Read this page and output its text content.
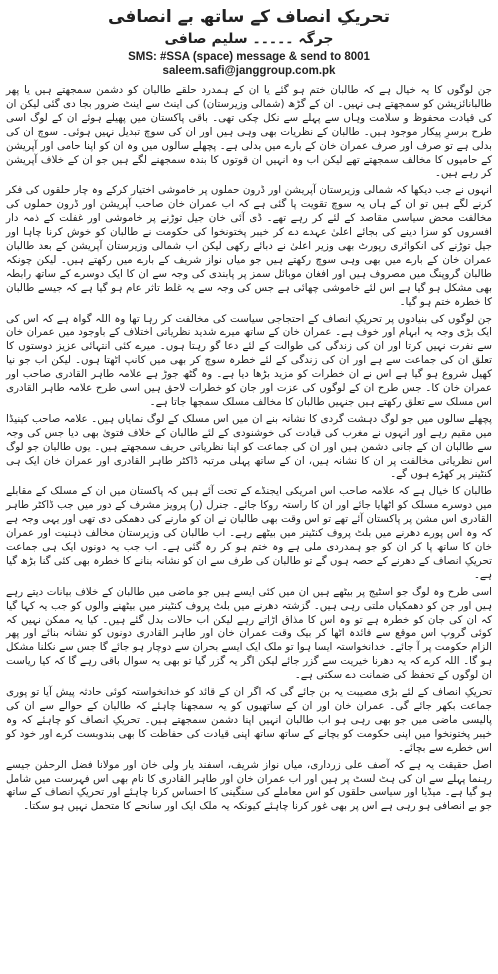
تحریکِ انصاف کے ساتھ بے انصافی
جرگہ ۔۔۔۔۔ سلیم صافی
SMS: #SSA (space) message & send to 8001
saleem.safi@janggroup.com.pk

جن لوگوں کا یہ خیال ہے کہ طالبان ختم ہو گئے یا ان کے ہمدرد حلقے طالبان کو دشمن سمجھتے ہیں یا پھر طالبانائزیشن کو سمجھتے ہی نہیں۔ ان کے گڑھ (شمالی وزیرستان) کی اینٹ سے اینٹ ضرور بجا دی گئی لیکن ان کی قیادت محفوظ و سلامت وہاں سے پہلے سے نکل چکی تھی۔ باقی پاکستان میں پھیلے ہوئے ان کے لوگ اسی طرح برسرِ پیکار موجود ہیں۔ طالبان کے نظریات بھی وہی ہیں اور ان کی سوچ تبدیل نہیں ہوئی۔ سوچ ان کی بدلی ہے تو صرف اور صرف عمران خان کے بارے میں بدلی ہے۔ پچھلے سالوں میں وہ ان کو اپنا حامی اور آپریشن کے حامیوں کا مخالف سمجھتے تھے لیکن اب وہ انہیں ان قوتوں کا بندہ سمجھنے لگے ہیں جو ان کے خلاف آپریشن کر رہے ہیں۔

انہوں نے جب دیکھا کہ شمالی وزیرستان آپریشن اور ڈرون حملوں پر خاموشی اختیار کرکے وہ چار حلقوں کی فکر کرنے لگے ہیں تو ان کے ہاں یہ سوچ تقویت پا گئی ہے کہ اب عمران خان صاحب آپریشن اور ڈرون حملوں کی مخالفت محض سیاسی مقاصد کے لئے کر رہے تھے۔ ڈی آئی خان جیل توڑنے پر خاموشی اور غفلت کے ذمہ دار افسروں کو سزا دینے کی بجائے اعلیٰ عہدے دے کر خیبر پختونخوا کی حکومت نے طالبان کو خوش کرنا چاہا اور جیل توڑنے کی انکوائری رپورٹ بھی وزیر اعلیٰ نے دبائے رکھی لیکن اب شمالی وزیرستان آپریشن کے بعد طالبان عمران خان کے بارے میں بھی وہی سوچ رکھتے ہیں جو میاں نواز شریف کے بارے میں رکھتے ہیں۔ لیکن چونکہ طالبان گروپنگ میں مصروف ہیں اور افغان موبائل سمز پر پابندی کی وجہ سے ان کا ایک دوسرے کے ساتھ رابطہ بھی مشکل ہو گیا ہے اس لئے خاموشی چھائی ہے جس کی وجہ سے یہ غلط تاثر عام ہو گیا ہے کہ جیسے طالبان کا خطرہ ختم ہو گیا۔

جن لوگوں کی بنیادوں پر تحریکِ انصاف کے احتجاجی سیاست کی مخالفت کر رہا تھا وہ اللہ گواہ ہے کہ اس کی ایک بڑی وجہ یہ ابہام اور خوف ہے۔ عمران خان کے ساتھ میرے شدید نظریاتی اختلاف کے باوجود میں عمران خان سے نفرت نہیں کرتا اور ان کی زندگی کی طوالت کے لئے دعا گو رہتا ہوں۔ میرے کئی انتہائی عزیز دوستوں کا تعلق ان کی جماعت سے ہے اور ان کی زندگی کے لئے خطرہ سوچ کر بھی میں کانپ اٹھتا ہوں۔ لیکن اب جو نیا کھیل شروع ہو گیا ہے اس نے ان خطرات کو مزید بڑھا دیا ہے۔ وہ گٹھ جوڑ ہے علامہ طاہر القادری صاحب اور عمران خان کا۔ جس طرح ان کے لوگوں کی عزت اور جان کو خطرات لاحق ہیں اسی طرح علامہ طاہر القادری اس مسلک سے تعلق رکھتے ہیں جنہیں طالبان کا مخالف مسلک سمجھا جاتا ہے۔

پچھلے سالوں میں جو لوگ دہشت گردی کا نشانہ بنے ان میں اس مسلک کے لوگ نمایاں ہیں۔ علامہ صاحب کینیڈا میں مقیم رہے اور انہوں نے مغرب کی قیادت کی خوشنودی کے لئے طالبان کے خلاف فتویٰ بھی دیا جس کی وجہ سے طالبان ان کے جانی دشمن ہیں اور ان کی جماعت کو اپنا نظریاتی حریف سمجھتے ہیں۔ یوں طالبان جو لوگ اس نظریاتی مخالفت پر ان کا نشانہ ہیں، ان کے ساتھ پہلی مرتبہ ڈاکٹر طاہر القادری اور عمران خان ایک ہی کنٹینر پر کھڑے ہوں گے۔

طالبان کا خیال ہے کہ علامہ صاحب اس امریکی ایجنڈے کے تحت آئے ہیں کہ پاکستان میں ان کے مسلک کے مقابلے میں دوسرے مسلک کو اٹھایا جائے اور ان کا راستہ روکا جائے۔ جنرل (ر) پرویز مشرف کے دور میں جب ڈاکٹر طاہر القادری اس مشن پر پاکستان آئے تھے تو اس وقت بھی طالبان نے ان کو مارنے کی دھمکی دی تھی اور یہی وجہ ہے کہ وہ اس پورے دھرنے میں بلٹ پروف کنٹینر میں بیٹھے رہے۔ اب طالبان کی وزیرستان مخالف ذہنیت اور عمران خان کا ساتھ پا کر ان کو جو ہمدردی ملی ہے وہ ختم ہو کر رہ گئی ہے۔ اب جب یہ دونوں ایک ہی جماعت تحریکِ انصاف کے دھرنے کے حصہ ہوں گے تو طالبان کی طرف سے ان کو نشانہ بنانے کا خطرہ بھی کئی گنا بڑھ گیا ہے۔

اسی طرح وہ لوگ جو اسٹیج پر بیٹھے ہیں ان میں کئی ایسے ہیں جو ماضی میں طالبان کے خلاف بیانات دیتے رہے ہیں اور جن کو دھمکیاں ملتی رہی ہیں۔ گزشتہ دھرنے میں بلٹ پروف کنٹینر میں بیٹھنے والوں کو جب یہ کہا گیا کہ ان کی جان کو خطرہ ہے تو وہ اس کا مذاق اڑاتے رہے لیکن اب حالات بدل گئے ہیں۔ کیا یہ ممکن نہیں کہ کوئی گروپ اس موقع سے فائدہ اٹھا کر بیک وقت عمران خان اور طاہر القادری دونوں کو نشانہ بنائے اور پھر الزام حکومت پر آ جائے۔ خدانخواستہ ایسا ہوا تو ملک ایک ایسے بحران سے دوچار ہو جائے گا جس سے نکلنا مشکل ہو گا۔ اللہ کرے کہ یہ دھرنا خیریت سے گزر جائے لیکن اگر یہ گزر گیا تو بھی یہ سوال باقی رہے گا کہ کیا ریاست ان لوگوں کے تحفظ کی ضمانت دے سکتی ہے۔

تحریکِ انصاف کے لئے بڑی مصیبت یہ بن جائے گی کہ اگر ان کے قائد کو خدانخواستہ کوئی حادثہ پیش آیا تو پوری جماعت بکھر جائے گی۔ عمران خان اور ان کے ساتھیوں کو یہ سمجھنا چاہئے کہ طالبان کے حوالے سے ان کی پالیسی ماضی میں جو بھی رہی ہو اب طالبان انہیں اپنا دشمن سمجھتے ہیں۔ تحریکِ انصاف کو چاہئے کہ وہ خیبر پختونخوا میں اپنی حکومت کو بچانے کے ساتھ ساتھ اپنی قیادت کی حفاظت کا بھی بندوبست کرے اور خود کو اس خطرے سے بچائے۔

اصل حقیقت یہ ہے کہ آصف علی زرداری، میاں نواز شریف، اسفند یار ولی خان اور مولانا فضل الرحمٰن جیسے رہنما پہلے سے ان کی ہٹ لسٹ پر ہیں اور اب عمران خان اور طاہر القادری کا نام بھی اس فہرست میں شامل ہو گیا ہے۔ میڈیا اور سیاسی حلقوں کو اس معاملے کی سنگینی کا احساس کرنا چاہئے اور تحریکِ انصاف کے ساتھ جو بے انصافی ہو رہی ہے اس پر بھی غور کرنا چاہئے کیونکہ یہ ملک ایک اور سانحے کا متحمل نہیں ہو سکتا۔
